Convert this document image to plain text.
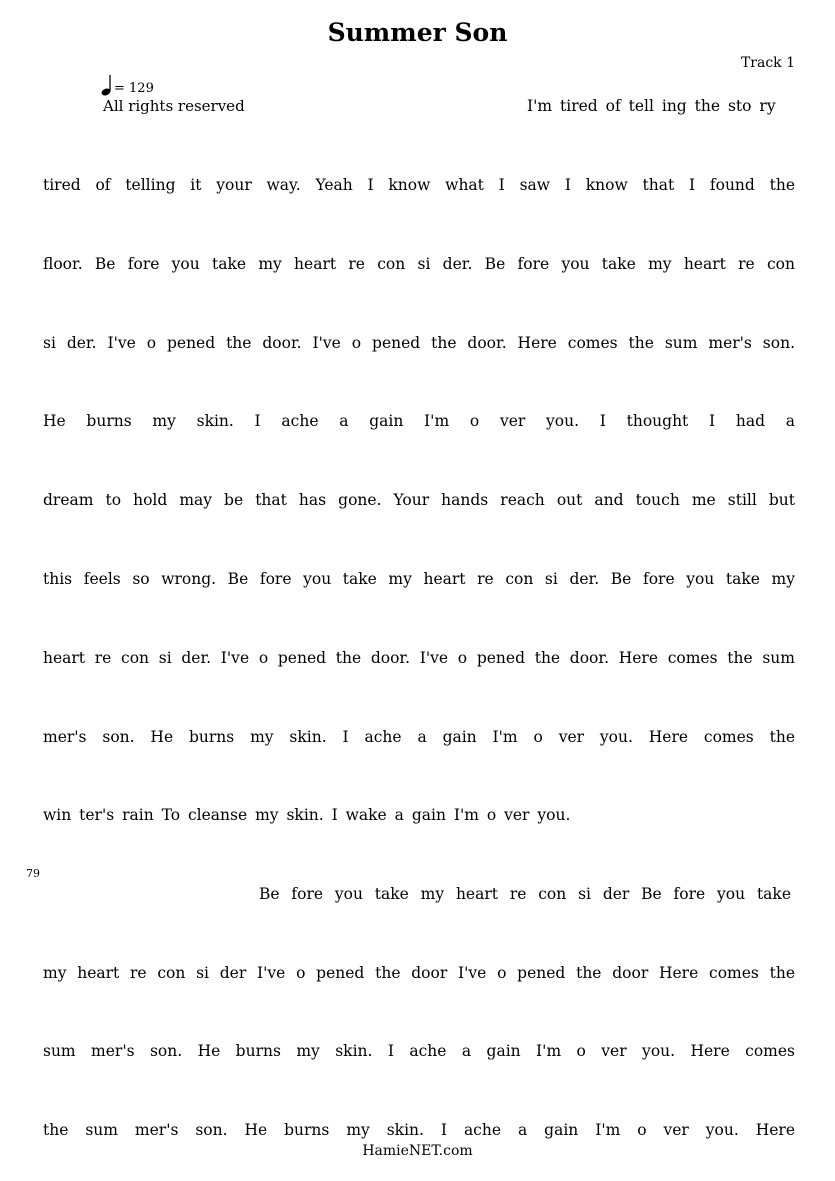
Summer Son
Track 1
= 129
All rights reserved	I'm tired of tell ing the sto ry
tired of telling it your way. Yeah I know what I saw I know that I found the
floor. Be fore you take my heart re con si der. Be fore you take my heart re con
si der. I've o pened the door. I've o pened the door. Here comes the sum mer's son.
He burns my skin. I ache a gain I'm o ver you. I thought I had a
dream to hold may be that has gone. Your hands reach out and touch me still but
this feels so wrong. Be fore you take my heart re con si der. Be fore you take my
heart re con si der. I've o pened the door. I've o pened the door. Here comes the sum
mer's son. He burns my skin. I ache a gain I'm o ver you. Here comes the
win ter's rain To cleanse my skin. I wake a gain I'm o ver you.
79
Be fore you take my heart re con si der Be fore you take
my heart re con si der I've o pened the door I've o pened the door Here comes the
sum mer's son. He burns my skin. I ache a gain I'm o ver you. Here comes
the sum mer's son. He burns my skin. I ache a gain I'm o ver you. Here
HamieNET.com
